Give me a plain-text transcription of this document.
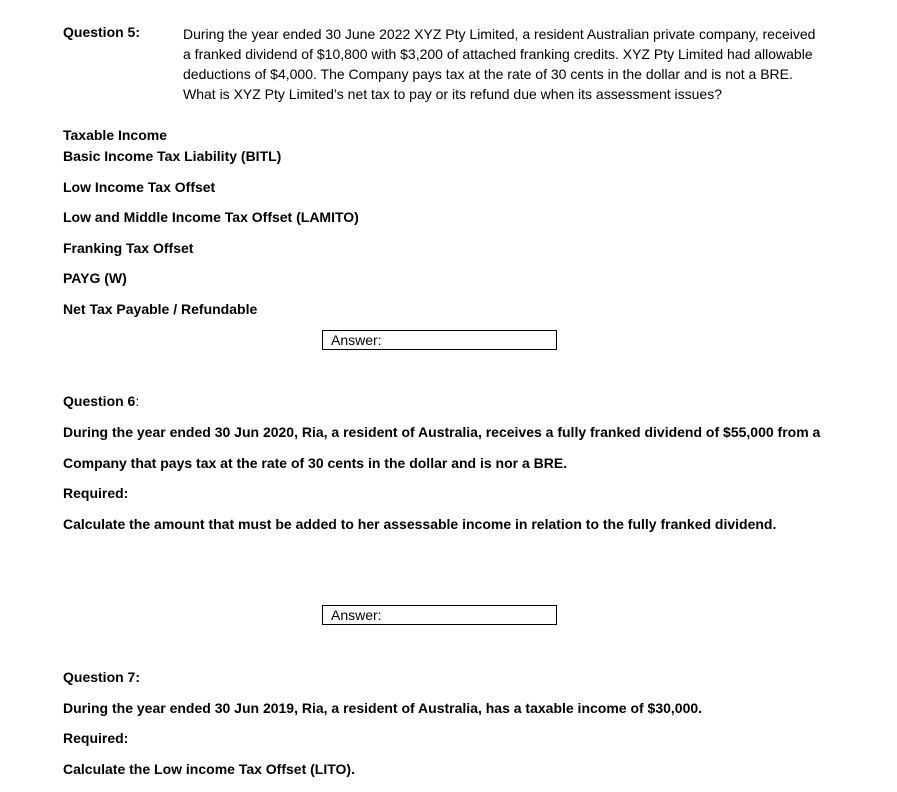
Question 5:	During the year ended 30 June 2022 XYZ Pty Limited, a resident Australian private company, received
a franked dividend of $10,800 with $3,200 of attached franking credits. XYZ Pty Limited had allowable
deductions of $4,000. The Company pays tax at the rate of 30 cents in the dollar and is not a BRE.
What is XYZ Pty Limited’s net tax to pay or its refund due when its assessment issues?
Taxable Income
Basic Income Tax Liability (BITL)
Low Income Tax Offset
Low and Middle Income Tax Offset (LAMITO)
Franking Tax Offset
PAYG (W)
Net Tax Payable / Refundable
Answer:
Question 6:
During the year ended 30 Jun 2020, Ria, a resident of Australia, receives a fully franked dividend of $55,000 from a
Company that pays tax at the rate of 30 cents in the dollar and is nor a BRE.
Required:
Calculate the amount that must be added to her assessable income in relation to the fully franked dividend.
Answer:
Question 7:
During the year ended 30 Jun 2019, Ria, a resident of Australia, has a taxable income of $30,000.
Required:
Calculate the Low income Tax Offset (LITO).
